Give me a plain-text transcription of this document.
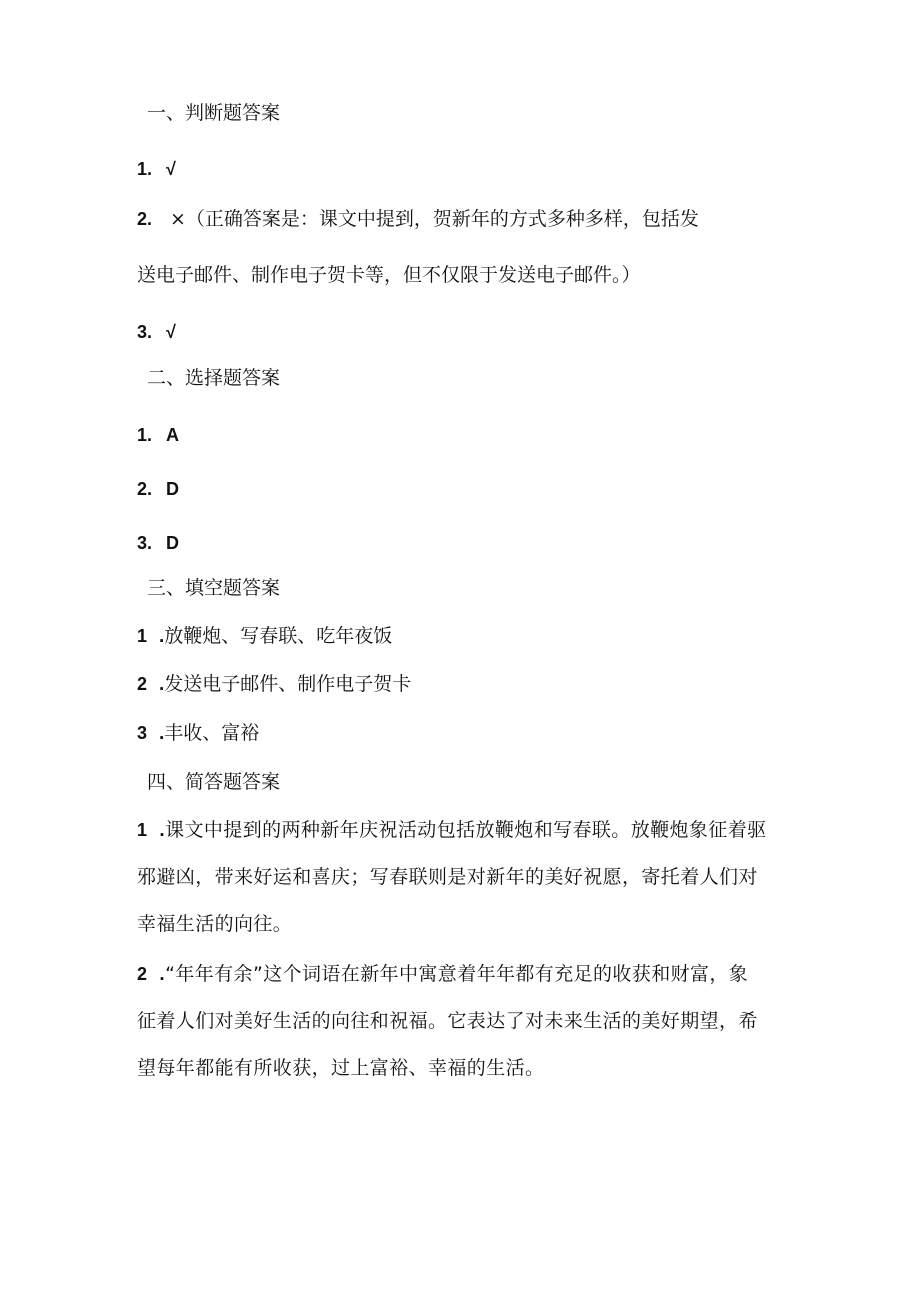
一、判断题答案
1. √
2. ×（正确答案是：课文中提到，贺新年的方式多种多样，包括发
送电子邮件、制作电子贺卡等，但不仅限于发送电子邮件。）
3. √
二、选择题答案
1. A
2. D
3. D
三、填空题答案
1 .放鞭炮、写春联、吃年夜饭
2 .发送电子邮件、制作电子贺卡
3 .丰收、富裕
四、简答题答案
1 .课文中提到的两种新年庆祝活动包括放鞭炮和写春联。放鞭炮象征着驱
邪避凶，带来好运和喜庆；写春联则是对新年的美好祝愿，寄托着人们对
幸福生活的向往。
2 .“年年有余”这个词语在新年中寓意着年年都有充足的收获和财富，象
征着人们对美好生活的向往和祝福。它表达了对未来生活的美好期望，希
望每年都能有所收获，过上富裕、幸福的生活。
